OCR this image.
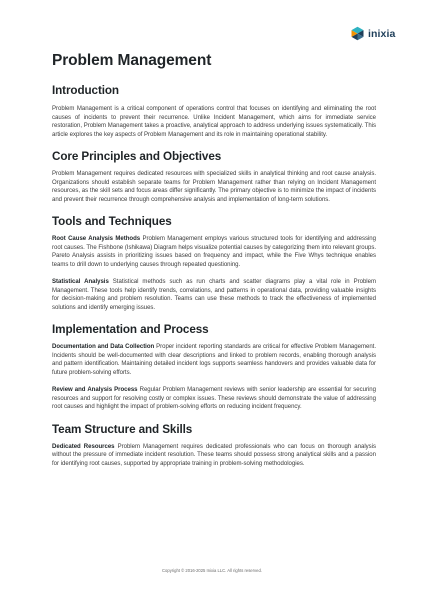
inixia
Problem Management
Introduction

Problem Management is a critical component of operations control that focuses on identifying and eliminating the root causes of incidents to prevent their recurrence. Unlike Incident Management, which aims for immediate service restoration, Problem Management takes a proactive, analytical approach to address underlying issues systematically. This article explores the key aspects of Problem Management and its role in maintaining operational stability.

Core Principles and Objectives

Problem Management requires dedicated resources with specialized skills in analytical thinking and root cause analysis. Organizations should establish separate teams for Problem Management rather than relying on Incident Management resources, as the skill sets and focus areas differ significantly. The primary objective is to minimize the impact of incidents and prevent their recurrence through comprehensive analysis and implementation of long-term solutions.

Tools and Techniques

Root Cause Analysis Methods Problem Management employs various structured tools for identifying and addressing root causes. The Fishbone (Ishikawa) Diagram helps visualize potential causes by categorizing them into relevant groups. Pareto Analysis assists in prioritizing issues based on frequency and impact, while the Five Whys technique enables teams to drill down to underlying causes through repeated questioning.

Statistical Analysis Statistical methods such as run charts and scatter diagrams play a vital role in Problem Management. These tools help identify trends, correlations, and patterns in operational data, providing valuable insights for decision-making and problem resolution. Teams can use these methods to track the effectiveness of implemented solutions and identify emerging issues.

Implementation and Process

Documentation and Data Collection Proper incident reporting standards are critical for effective Problem Management. Incidents should be well-documented with clear descriptions and linked to problem records, enabling thorough analysis and pattern identification. Maintaining detailed incident logs supports seamless handovers and provides valuable data for future problem-solving efforts.

Review and Analysis Process Regular Problem Management reviews with senior leadership are essential for securing resources and support for resolving costly or complex issues. These reviews should demonstrate the value of addressing root causes and highlight the impact of problem-solving efforts on reducing incident frequency.

Team Structure and Skills

Dedicated Resources Problem Management requires dedicated professionals who can focus on thorough analysis without the pressure of immediate incident resolution. These teams should possess strong analytical skills and a passion for identifying root causes, supported by appropriate training in problem-solving methodologies.

Copyright © 2016-2025 Inixia LLC. All rights reserved.
